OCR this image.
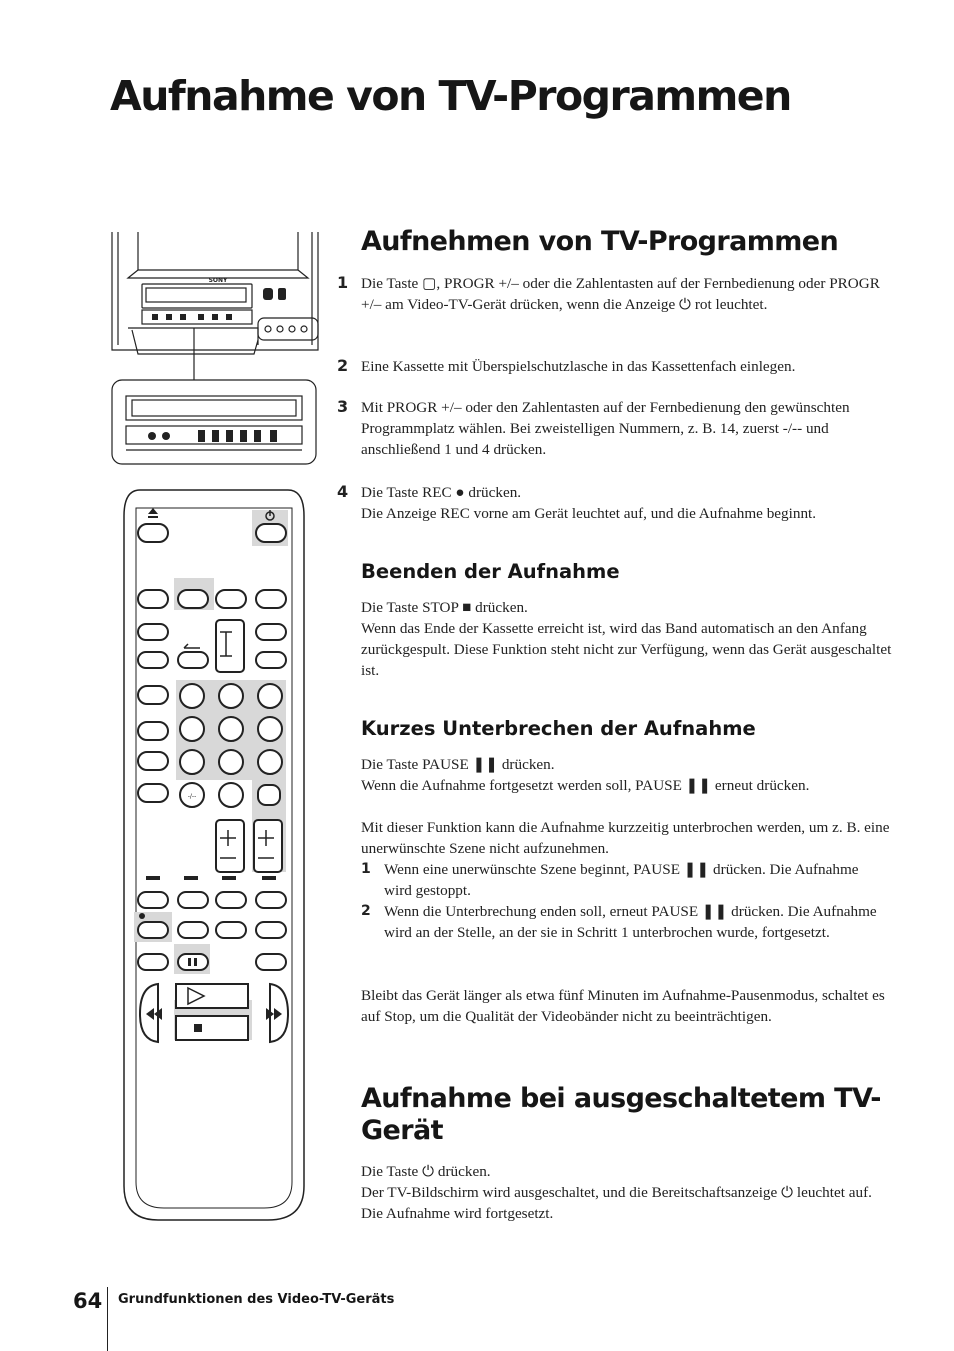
Aufnahme von TV-Programmen
Aufnehmen von TV-Programmen
1 Die Taste ▢, PROGR +/– oder die Zahlentasten auf der Fernbedienung oder PROGR +/– am Video-TV-Gerät drücken, wenn die Anzeige ⏻ rot leuchtet.
2 Eine Kassette mit Überspielschutzlasche in das Kassettenfach einlegen.
3 Mit PROGR +/– oder den Zahlentasten auf der Fernbedienung den gewünschten Programmplatz wählen. Bei zweistelligen Nummern, z. B. 14, zuerst -/-- und anschließend 1 und 4 drücken.
4 Die Taste REC ● drücken.
Die Anzeige REC vorne am Gerät leuchtet auf, und die Aufnahme beginnt.
Beenden der Aufnahme

Die Taste STOP ■ drücken.
Wenn das Ende der Kassette erreicht ist, wird das Band automatisch an den Anfang zurückgespult. Diese Funktion steht nicht zur Verfügung, wenn das Gerät ausgeschaltet ist.

Kurzes Unterbrechen der Aufnahme

Die Taste PAUSE ❚❚ drücken.
Wenn die Aufnahme fortgesetzt werden soll, PAUSE ❚❚ erneut drücken.

Mit dieser Funktion kann die Aufnahme kurzzeitig unterbrochen werden, um z. B. eine unerwünschte Szene nicht aufzunehmen.

1 Wenn eine unerwünschte Szene beginnt, PAUSE ❚❚ drücken. Die Aufnahme wird gestoppt.
2 Wenn die Unterbrechung enden soll, erneut PAUSE ❚❚ drücken. Die Aufnahme wird an der Stelle, an der sie in Schritt 1 unterbrochen wurde, fortgesetzt.

Bleibt das Gerät länger als etwa fünf Minuten im Aufnahme-Pausenmodus, schaltet es auf Stop, um die Qualität der Videobänder nicht zu beeinträchtigen.

Aufnahme bei ausgeschaltetem TV-Gerät

Die Taste ⏻ drücken.
Der TV-Bildschirm wird ausgeschaltet, und die Bereitschaftsanzeige ⏻ leuchtet auf.
Die Aufnahme wird fortgesetzt.

64 Grundfunktionen des Video-TV-Geräts
SONY
-/--
